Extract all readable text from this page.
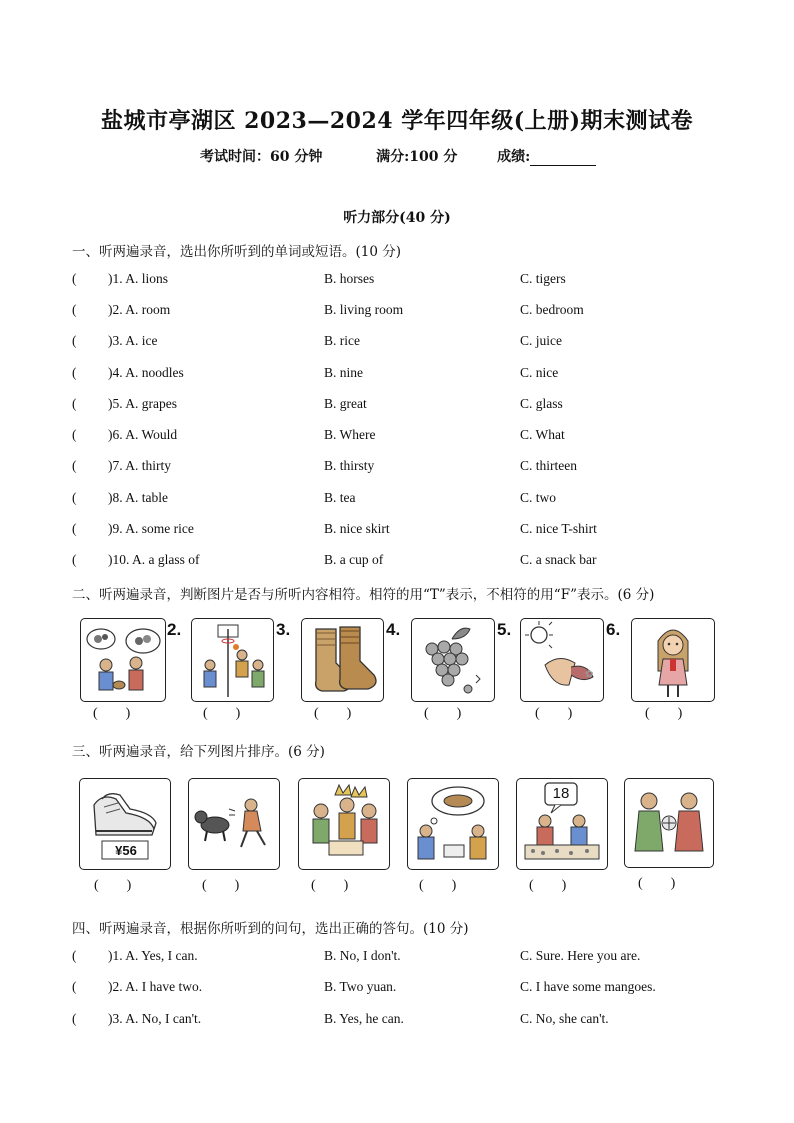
盐城市亭湖区 2023—2024 学年四年级(上册)期末测试卷
考试时间：60 分钟	满分:100 分	成绩:
听力部分(40 分)
一、听两遍录音，选出你所听到的单词或短语。(10 分)
( )1. A. lions	B. horses	C. tigers
( )2. A. room	B. living room	C. bedroom
( )3. A. ice	B. rice	C. juice
( )4. A. noodles	B. nine	C. nice
( )5. A. grapes	B. great	C. glass
( )6. A. Would	B. Where	C. What
( )7. A. thirty	B. thirsty	C. thirteen
( )8. A. table	B. tea	C. two
( )9. A. some rice	B. nice skirt	C. nice T-shirt
( )10. A. a glass of	B. a cup of	C. a snack bar
二、听两遍录音，判断图片是否与所听内容相符。相符的用“T”表示，不相符的用“F”表示。(6 分)
2.	3.	4.	5.
✿
6.
(        )	(        )	(        )	(        )	(        )	(        )
三、听两遍录音，给下列图片排序。(6 分)
¥56
18
(        )	(        )	(        )	(        )	(        )	(        )
四、听两遍录音，根据你所听到的问句，选出正确的答句。(10 分)
( )1. A. Yes, I can.	B. No, I don't.	C. Sure. Here you are.
( )2. A. I have two.	B. Two yuan.	C. I have some mangoes.
( )3. A. No, I can't.	B. Yes, he can.	C. No, she can't.
